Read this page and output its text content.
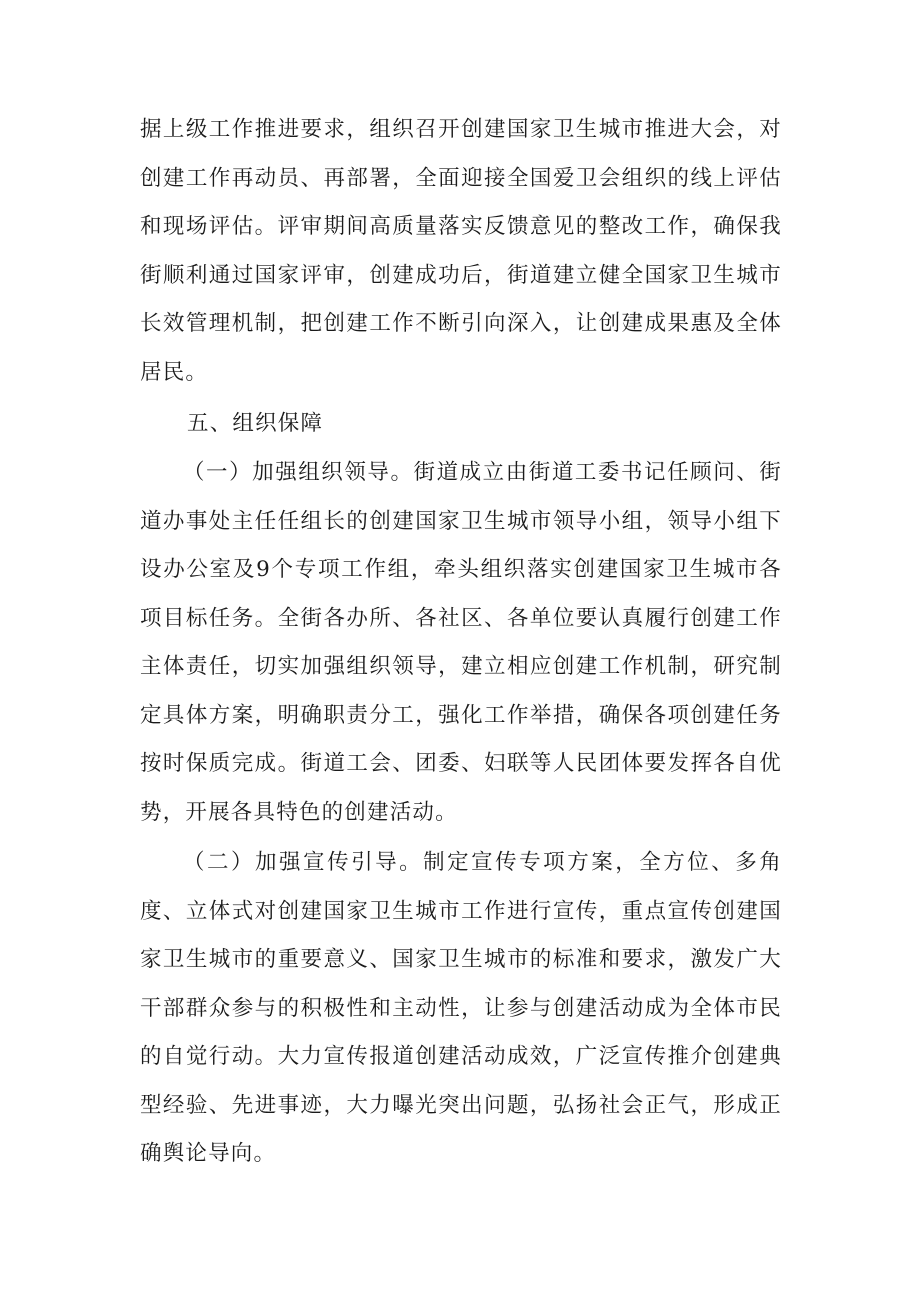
据上级工作推进要求，组织召开创建国家卫生城市推进大会，对创建工作再动员、再部署，全面迎接全国爱卫会组织的线上评估和现场评估。评审期间高质量落实反馈意见的整改工作，确保我街顺利通过国家评审，创建成功后，街道建立健全国家卫生城市长效管理机制，把创建工作不断引向深入，让创建成果惠及全体居民。

五、组织保障

（一）加强组织领导。街道成立由街道工委书记任顾问、街道办事处主任任组长的创建国家卫生城市领导小组，领导小组下设办公室及9个专项工作组，牵头组织落实创建国家卫生城市各项目标任务。全街各办所、各社区、各单位要认真履行创建工作主体责任，切实加强组织领导，建立相应创建工作机制，研究制定具体方案，明确职责分工，强化工作举措，确保各项创建任务按时保质完成。街道工会、团委、妇联等人民团体要发挥各自优势，开展各具特色的创建活动。

（二）加强宣传引导。制定宣传专项方案，全方位、多角度、立体式对创建国家卫生城市工作进行宣传，重点宣传创建国家卫生城市的重要意义、国家卫生城市的标准和要求，激发广大干部群众参与的积极性和主动性，让参与创建活动成为全体市民的自觉行动。大力宣传报道创建活动成效，广泛宣传推介创建典型经验、先进事迹，大力曝光突出问题，弘扬社会正气，形成正确舆论导向。
